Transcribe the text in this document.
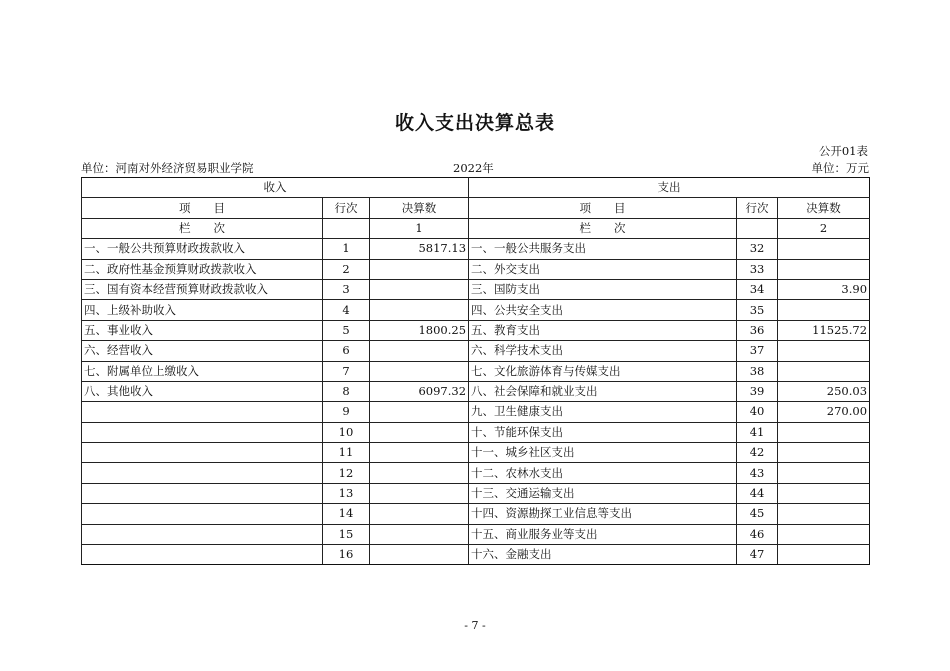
收入支出决算总表
公开01表
单位：河南对外经济贸易职业学院	2022年	单位：万元
收入			支出		
项　　目	行次	决算数	项　　目	行次	决算数
栏　　次		1	栏　　次		2
一、一般公共预算财政拨款收入	1	5817.13	一、一般公共服务支出	32	
二、政府性基金预算财政拨款收入	2		二、外交支出	33	
三、国有资本经营预算财政拨款收入	3		三、国防支出	34	3.90
四、上级补助收入	4		四、公共安全支出	35	
五、事业收入	5	1800.25	五、教育支出	36	11525.72
六、经营收入	6		六、科学技术支出	37	
七、附属单位上缴收入	7		七、文化旅游体育与传媒支出	38	
八、其他收入	8	6097.32	八、社会保障和就业支出	39	250.03
	9		九、卫生健康支出	40	270.00
	10		十、节能环保支出	41	
	11		十一、城乡社区支出	42	
	12		十二、农林水支出	43	
	13		十三、交通运输支出	44	
	14		十四、资源勘探工业信息等支出	45	
	15		十五、商业服务业等支出	46	
	16		十六、金融支出	47	
- 7 -
